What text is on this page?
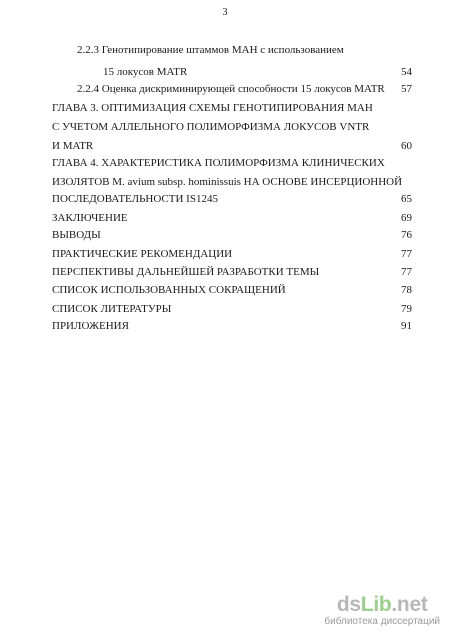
3
2.2.3 Генотипирование штаммов МАН с использованием
15 локусов MATR	54
2.2.4 Оценка дискриминирующей способности 15 локусов MATR	57
ГЛАВА 3. ОПТИМИЗАЦИЯ СХЕМЫ ГЕНОТИПИРОВАНИЯ MAH
С УЧЕТОМ АЛЛЕЛЬНОГО ПОЛИМОРФИЗМА ЛОКУСОВ VNTR
И MATR	60
ГЛАВА 4. ХАРАКТЕРИСТИКА ПОЛИМОРФИЗМА КЛИНИЧЕСКИХ
ИЗОЛЯТОВ M. avium subsp. hominissuis НА ОСНОВЕ ИНСЕРЦИОННОЙ
ПОСЛЕДОВАТЕЛЬНОСТИ IS1245	65
ЗАКЛЮЧЕНИЕ	69
ВЫВОДЫ	76
ПРАКТИЧЕСКИЕ РЕКОМЕНДАЦИИ	77
ПЕРСПЕКТИВЫ ДАЛЬНЕЙШЕЙ РАЗРАБОТКИ ТЕМЫ	77
СПИСОК ИСПОЛЬЗОВАННЫХ СОКРАЩЕНИЙ	78
СПИСОК ЛИТЕРАТУРЫ	79
ПРИЛОЖЕНИЯ	91
dsLib.net
библиотека диссертаций
